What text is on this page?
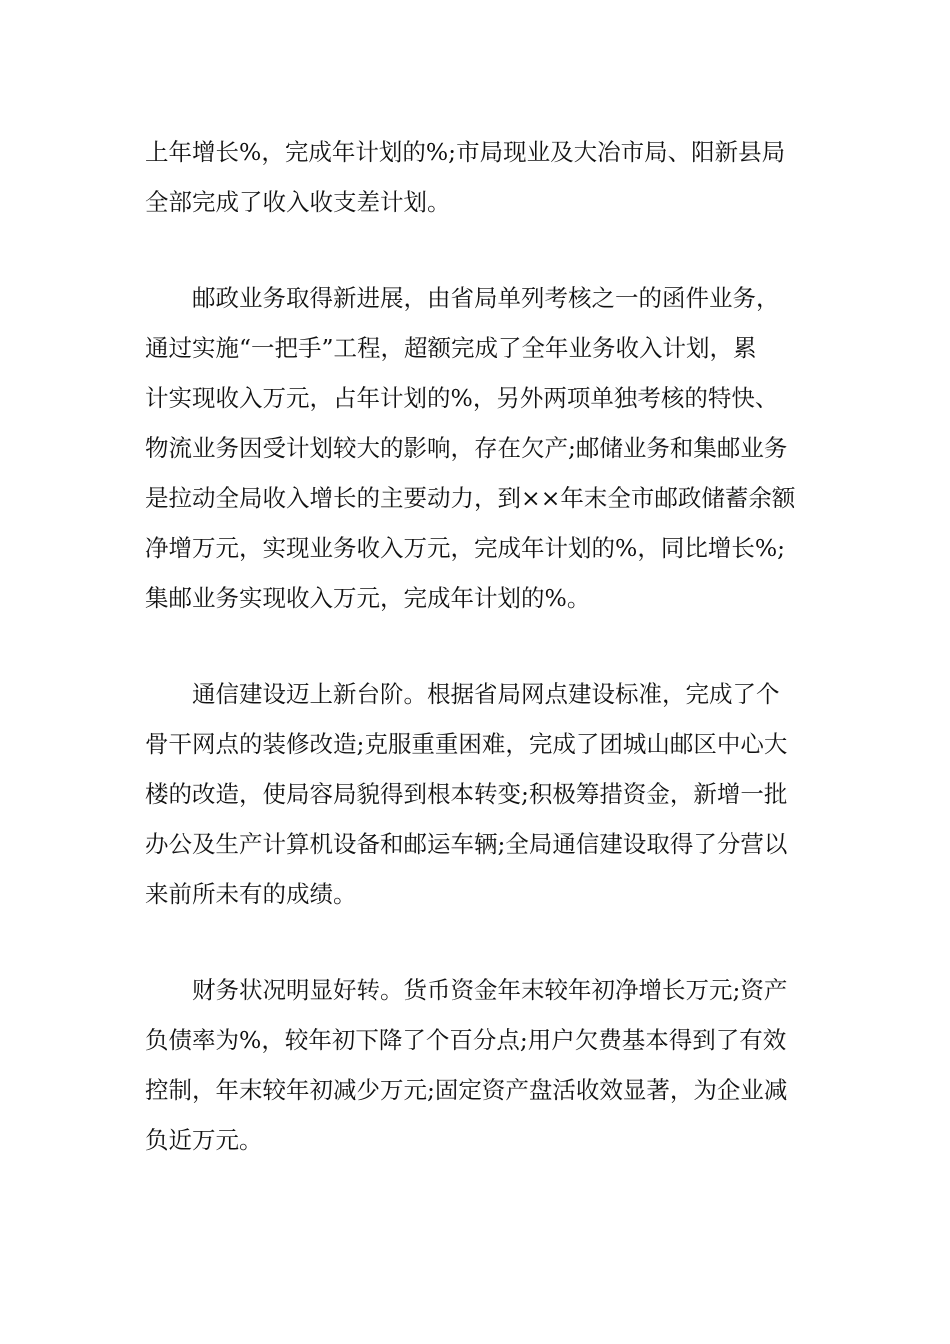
上年增长%，完成年计划的%;市局现业及大冶市局、阳新县局
全部完成了收入收支差计划。

邮政业务取得新进展，由省局单列考核之一的函件业务，
通过实施“一把手”工程，超额完成了全年业务收入计划，累
计实现收入万元，占年计划的%，另外两项单独考核的特快、
物流业务因受计划较大的影响，存在欠产;邮储业务和集邮业务
是拉动全局收入增长的主要动力，到××年末全市邮政储蓄余额
净增万元，实现业务收入万元，完成年计划的%，同比增长%;
集邮业务实现收入万元，完成年计划的%。

通信建设迈上新台阶。根据省局网点建设标准，完成了个
骨干网点的装修改造;克服重重困难，完成了团城山邮区中心大
楼的改造，使局容局貌得到根本转变;积极筹措资金，新增一批
办公及生产计算机设备和邮运车辆;全局通信建设取得了分营以
来前所未有的成绩。

财务状况明显好转。货币资金年末较年初净增长万元;资产
负债率为%，较年初下降了个百分点;用户欠费基本得到了有效
控制，年末较年初减少万元;固定资产盘活收效显著，为企业减
负近万元。
